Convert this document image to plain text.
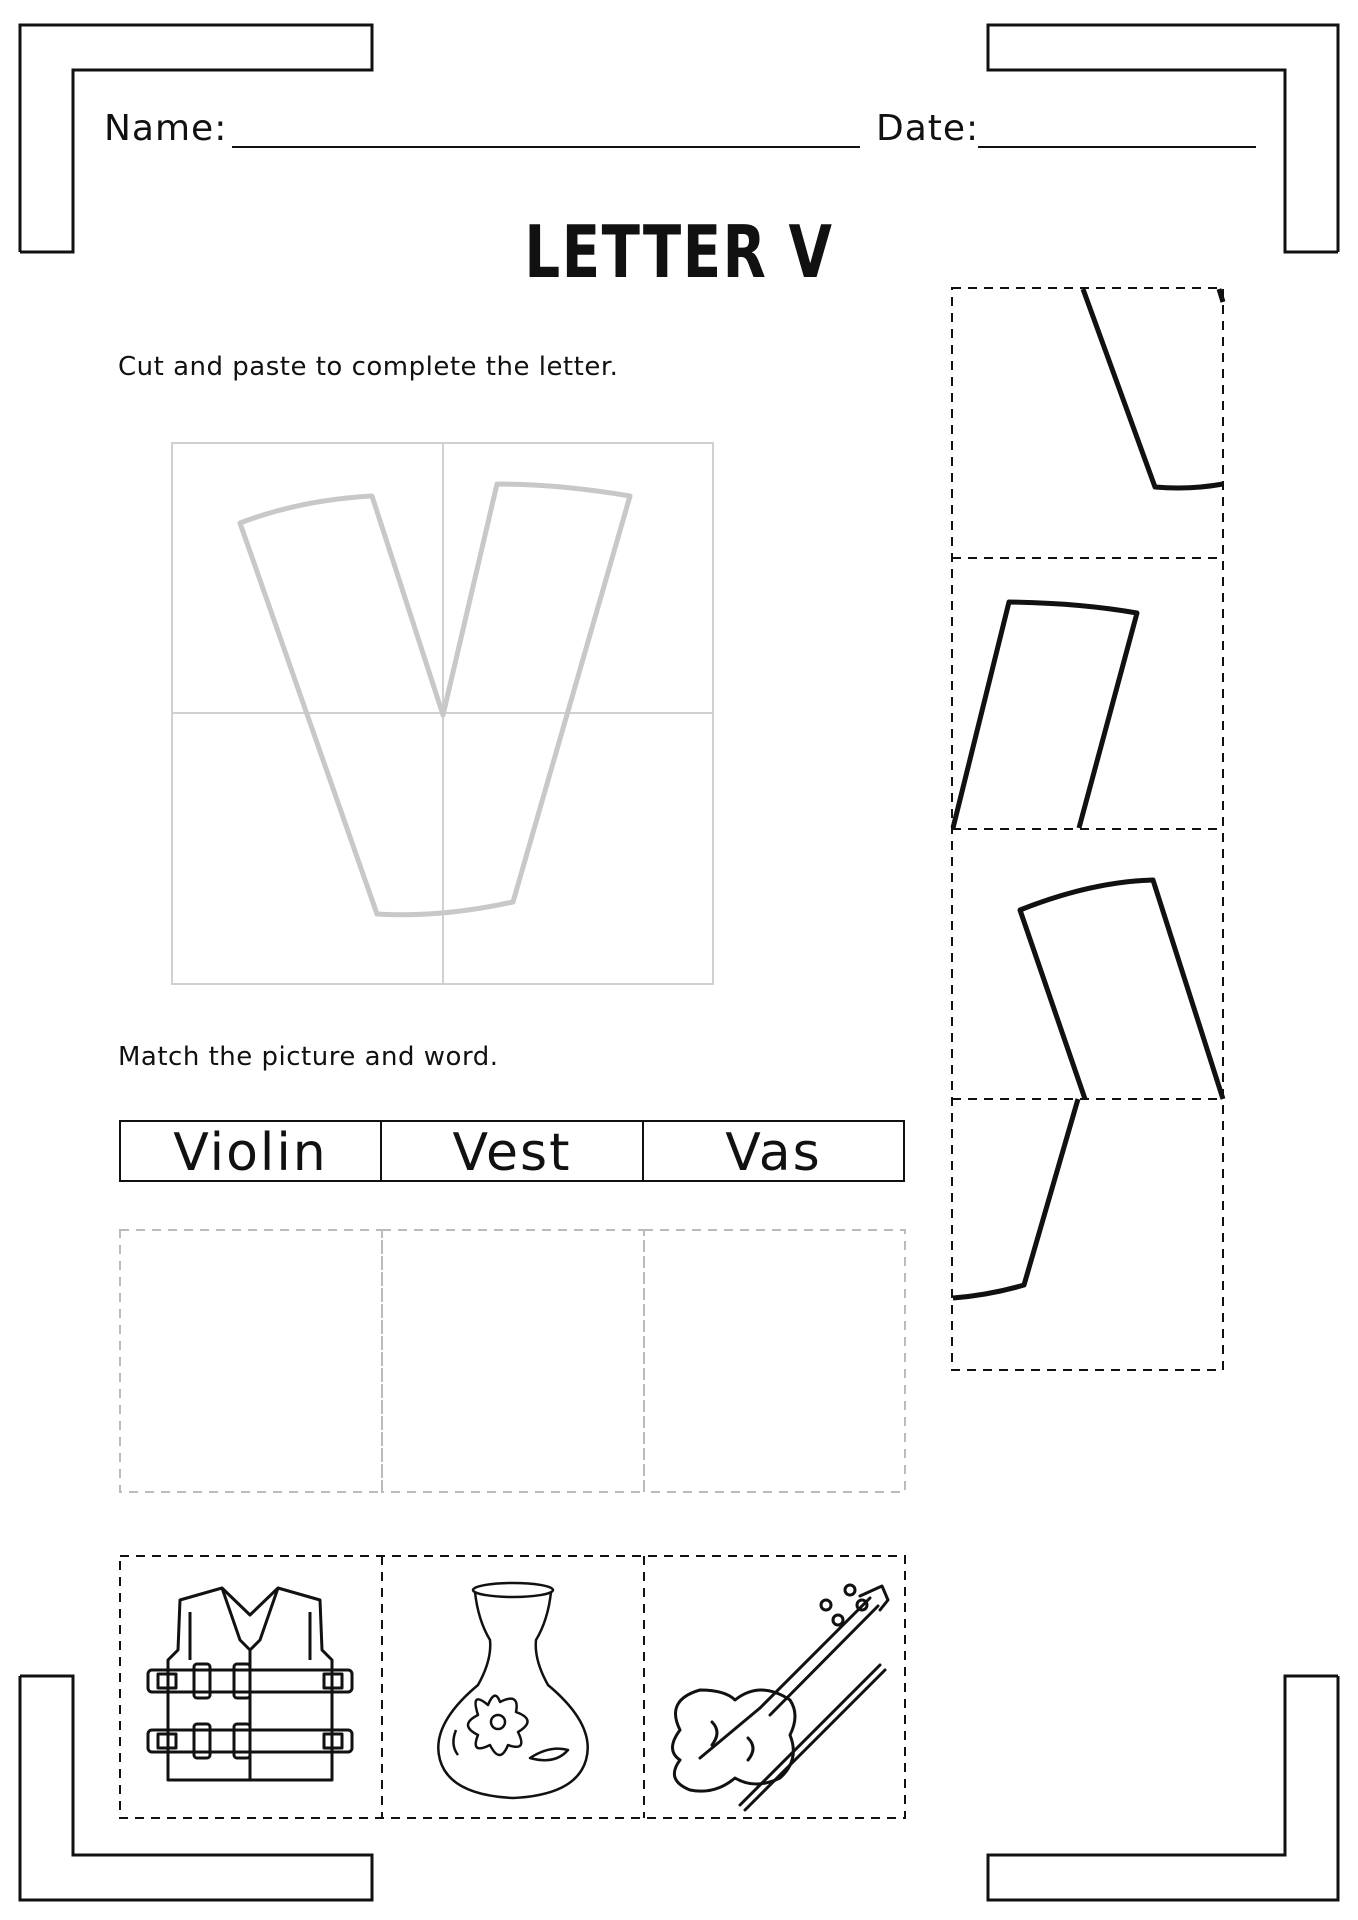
Name:	Date:
LETTER V
Cut and paste to complete the letter.
Match the picture and word.
Violin	Vest	Vas
